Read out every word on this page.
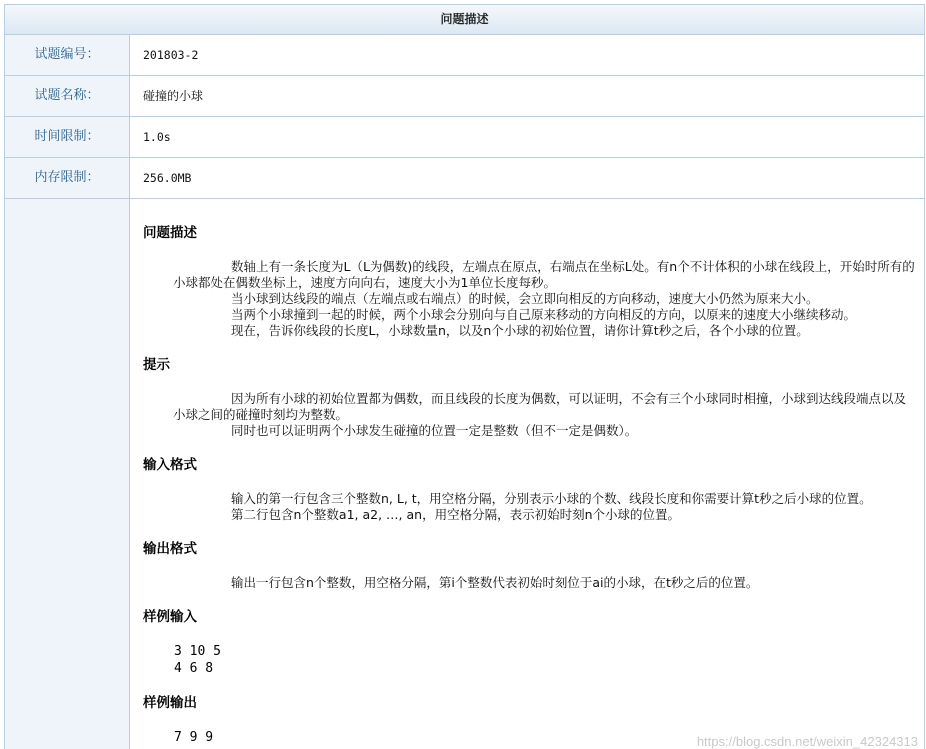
问题描述
试题编号：	201803-2
试题名称：	碰撞的小球
时间限制：	1.0s
内存限制：	256.0MB
问题描述

数轴上有一条长度为L（L为偶数)的线段，左端点在原点，右端点在坐标L处。有n个不计体积的小球在线段上，开始时所有的小球都处在偶数坐标上，速度方向向右，速度大小为1单位长度每秒。

当小球到达线段的端点（左端点或右端点）的时候，会立即向相反的方向移动，速度大小仍然为原来大小。

当两个小球撞到一起的时候，两个小球会分别向与自己原来移动的方向相反的方向，以原来的速度大小继续移动。

现在，告诉你线段的长度L，小球数量n，以及n个小球的初始位置，请你计算t秒之后，各个小球的位置。

提示

因为所有小球的初始位置都为偶数，而且线段的长度为偶数，可以证明，不会有三个小球同时相撞，小球到达线段端点以及小球之间的碰撞时刻均为整数。

同时也可以证明两个小球发生碰撞的位置一定是整数（但不一定是偶数）。

输入格式

输入的第一行包含三个整数n, L, t，用空格分隔，分别表示小球的个数、线段长度和你需要计算t秒之后小球的位置。

第二行包含n个整数a1, a2, …, an，用空格分隔，表示初始时刻n个小球的位置。

输出格式

输出一行包含n个整数，用空格分隔，第i个整数代表初始时刻位于ai的小球，在t秒之后的位置。

样例输入
3 10 5
4 6 8
样例输出
7 9 9	https://blog.csdn.net/weixin_42324313
